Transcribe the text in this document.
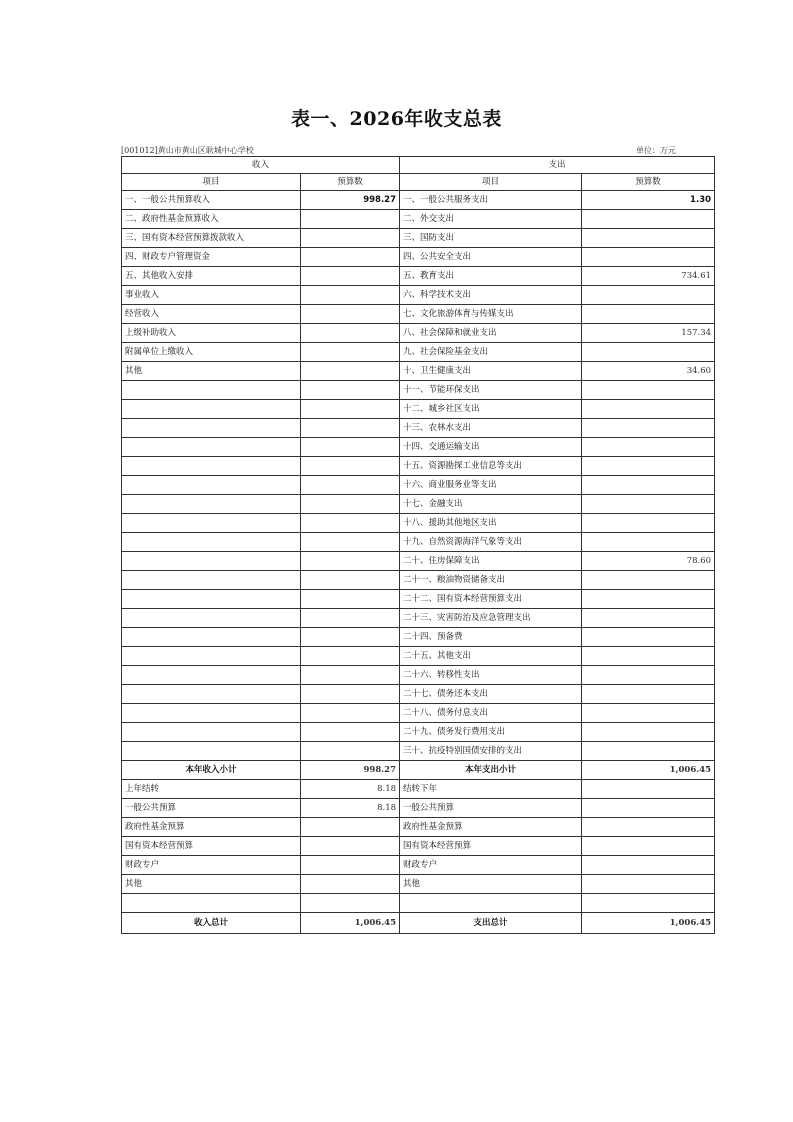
表一、2026年收支总表
[001012]黄山市黄山区耿城中心学校	单位：万元
收入		支出	
项目	预算数	项目	预算数
一、一般公共预算收入	998.27	一、一般公共服务支出	1.30
二、政府性基金预算收入		二、外交支出	
三、国有资本经营预算拨款收入		三、国防支出	
四、财政专户管理资金		四、公共安全支出	
五、其他收入安排		五、教育支出	734.61
事业收入		六、科学技术支出	
经营收入		七、文化旅游体育与传媒支出	
上级补助收入		八、社会保障和就业支出	157.34
附属单位上缴收入		九、社会保险基金支出	
其他		十、卫生健康支出	34.60
		十一、节能环保支出	
		十二、城乡社区支出	
		十三、农林水支出	
		十四、交通运输支出	
		十五、资源勘探工业信息等支出	
		十六、商业服务业等支出	
		十七、金融支出	
		十八、援助其他地区支出	
		十九、自然资源海洋气象等支出	
		二十、住房保障支出	78.60
		二十一、粮油物资储备支出	
		二十二、国有资本经营预算支出	
		二十三、灾害防治及应急管理支出	
		二十四、预备费	
		二十五、其他支出	
		二十六、转移性支出	
		二十七、债务还本支出	
		二十八、债务付息支出	
		二十九、债务发行费用支出	
		三十、抗疫特别国债安排的支出	
本年收入小计	998.27	本年支出小计	1,006.45
上年结转	8.18	结转下年	
一般公共预算	8.18	一般公共预算	
政府性基金预算		政府性基金预算	
国有资本经营预算		国有资本经营预算	
财政专户		财政专户	
其他		其他	

收入总计	1,006.45	支出总计	1,006.45
